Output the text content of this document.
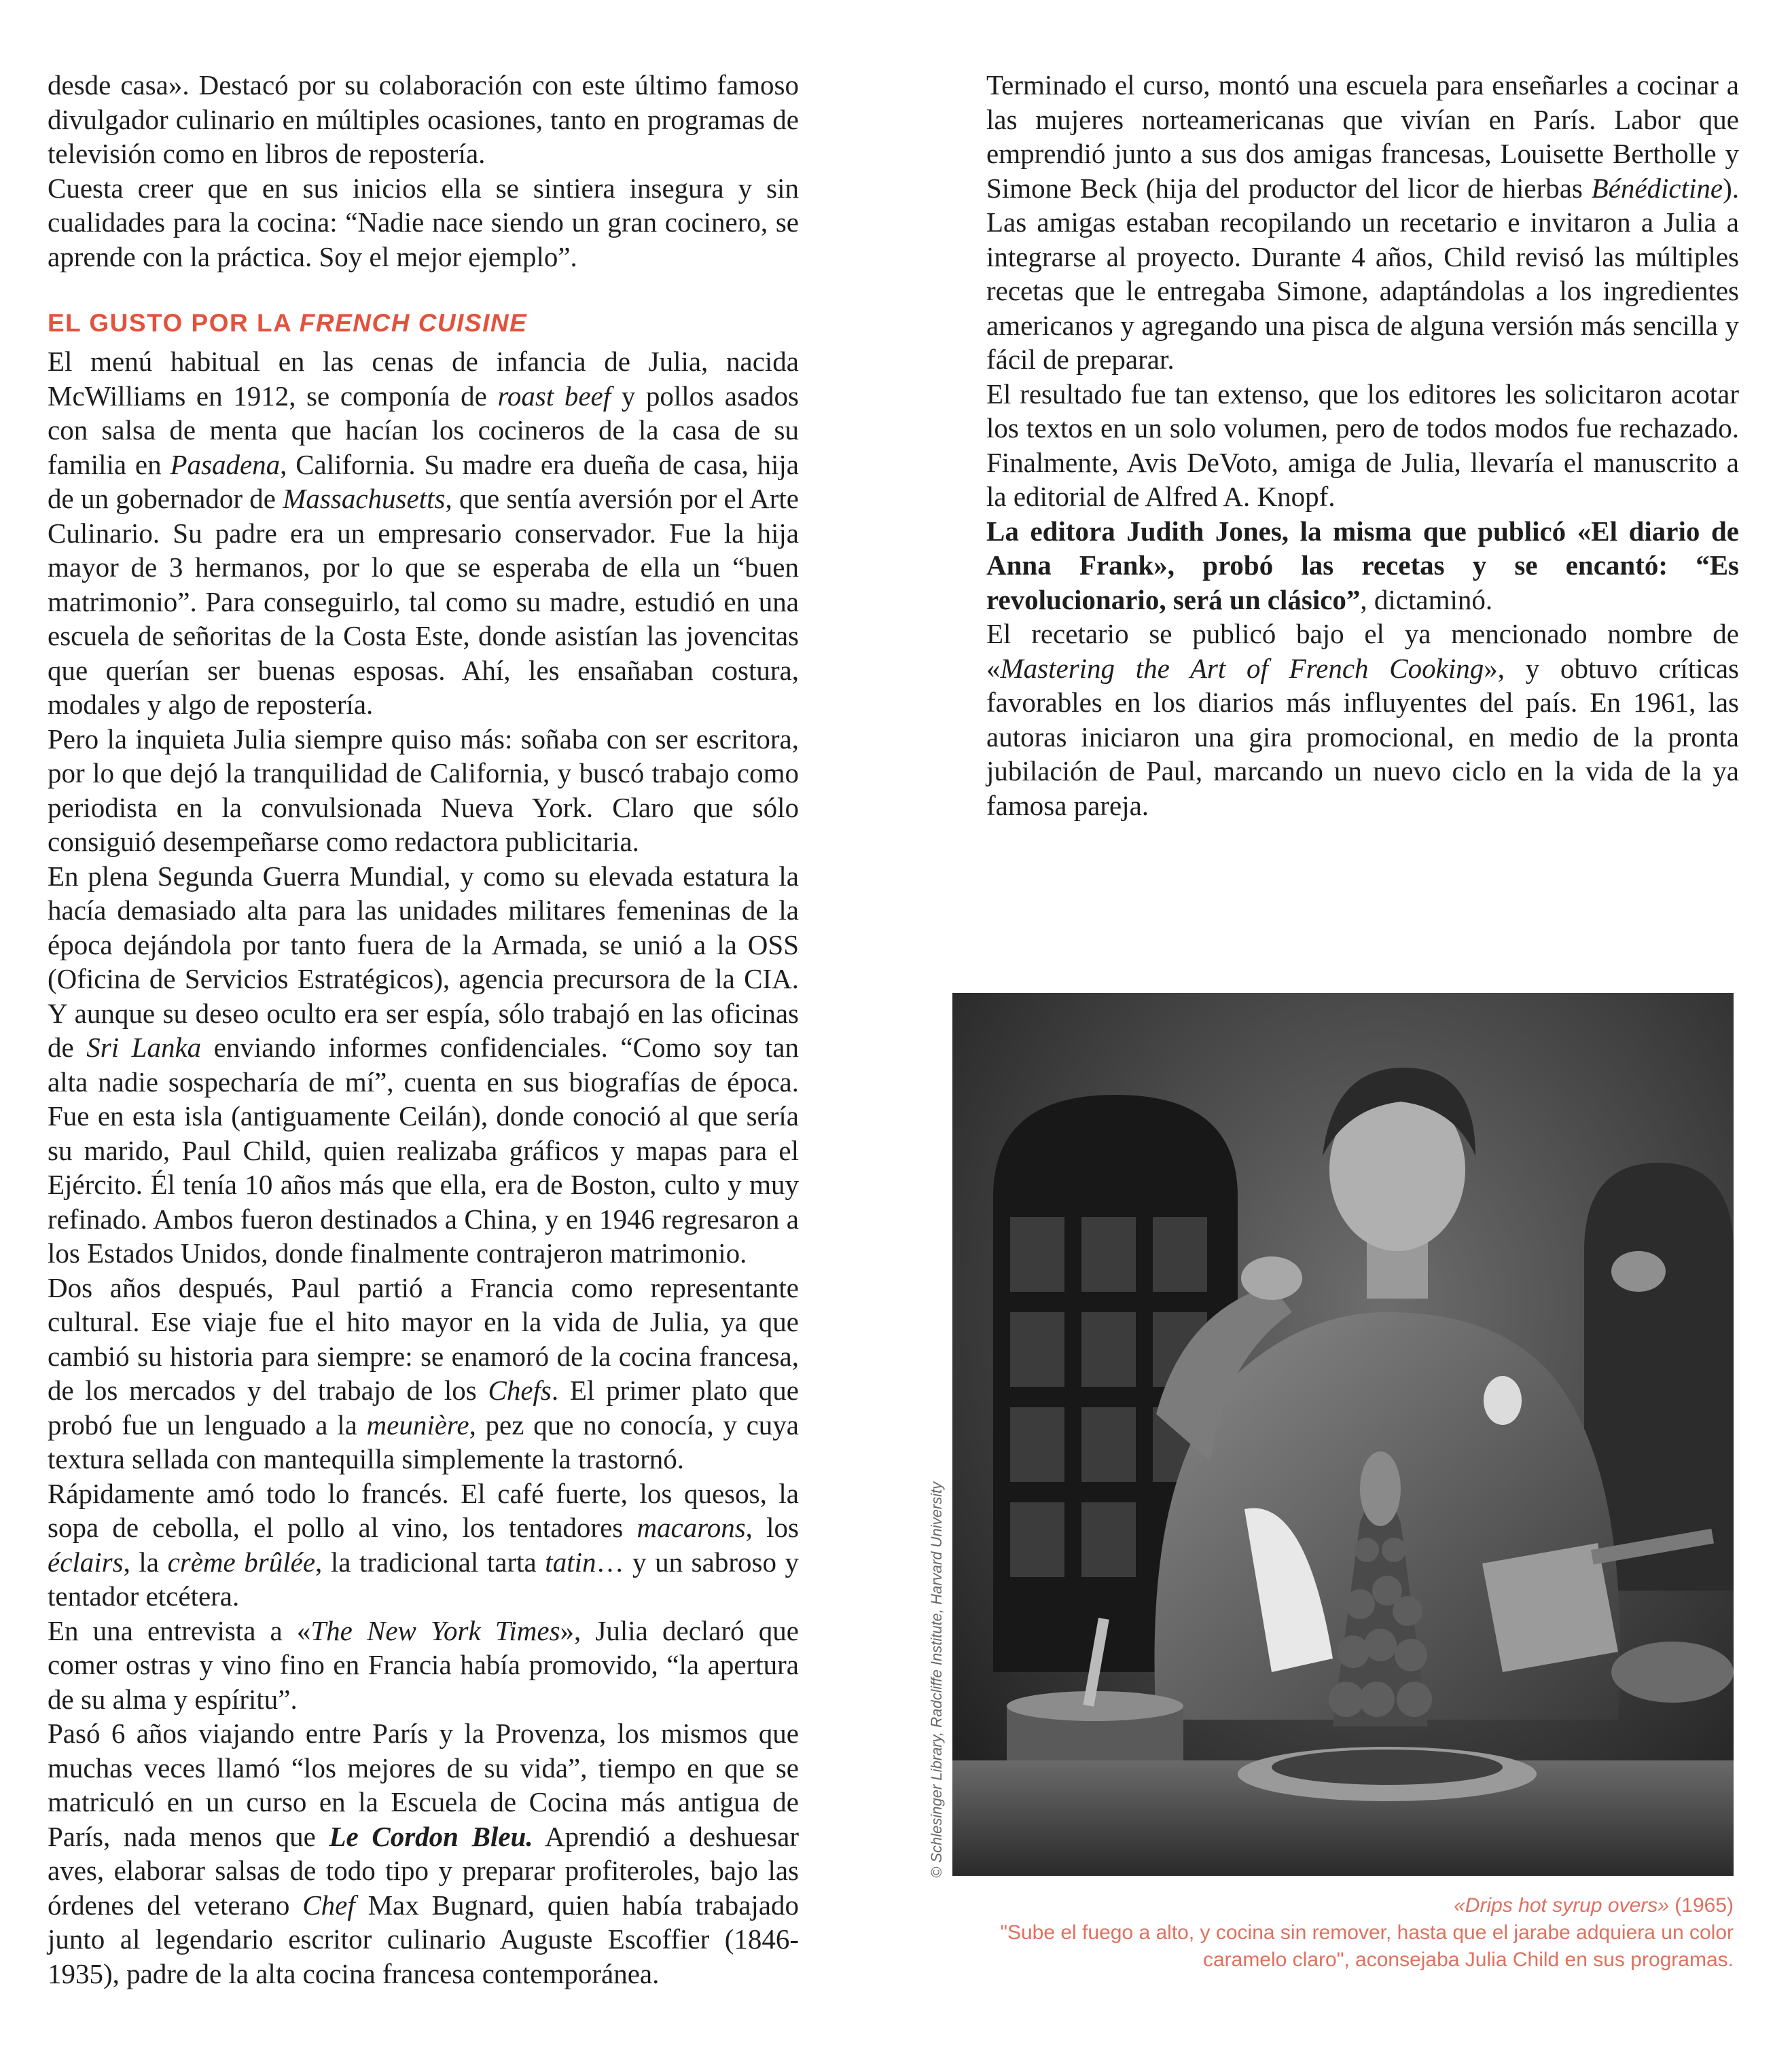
desde casa». Destacó por su colaboración con este último famoso divulgador culinario en múltiples ocasiones, tanto en programas de televisión como en libros de repostería.

Cuesta creer que en sus inicios ella se sintiera insegura y sin cualidades para la cocina: “Nadie nace siendo un gran cocinero, se aprende con la práctica. Soy el mejor ejemplo”.

EL GUSTO POR LA FRENCH CUISINE

El menú habitual en las cenas de infancia de Julia, nacida McWilliams en 1912, se componía de roast beef y pollos asados con salsa de menta que hacían los cocineros de la casa de su familia en Pasadena, California. Su madre era dueña de casa, hija de un gobernador de Massachusetts, que sentía aversión por el Arte Culinario. Su padre era un empresario conservador. Fue la hija mayor de 3 hermanos, por lo que se esperaba de ella un “buen matrimonio”. Para conseguirlo, tal como su madre, estudió en una escuela de señoritas de la Costa Este, donde asistían las jovencitas que querían ser buenas esposas. Ahí, les ensañaban costura, modales y algo de repostería.

Pero la inquieta Julia siempre quiso más: soñaba con ser escritora, por lo que dejó la tranquilidad de California, y buscó trabajo como periodista en la convulsionada Nueva York. Claro que sólo consiguió desempeñarse como redactora publicitaria.

En plena Segunda Guerra Mundial, y como su elevada estatura la hacía demasiado alta para las unidades militares femeninas de la época dejándola por tanto fuera de la Armada, se unió a la OSS (Oficina de Servicios Estratégicos), agencia precursora de la CIA. Y aunque su deseo oculto era ser espía, sólo trabajó en las oficinas de Sri Lanka enviando informes confidenciales. “Como soy tan alta nadie sospecharía de mí”, cuenta en sus biografías de época. Fue en esta isla (antiguamente Ceilán), donde conoció al que sería su marido, Paul Child, quien realizaba gráficos y mapas para el Ejército. Él tenía 10 años más que ella, era de Boston, culto y muy refinado. Ambos fueron destinados a China, y en 1946 regresaron a los Estados Unidos, donde finalmente contrajeron matrimonio.

Dos años después, Paul partió a Francia como representante cultural. Ese viaje fue el hito mayor en la vida de Julia, ya que cambió su historia para siempre: se enamoró de la cocina francesa, de los mercados y del trabajo de los Chefs. El primer plato que probó fue un lenguado a la meunière, pez que no conocía, y cuya textura sellada con mantequilla simplemente la trastornó.

Rápidamente amó todo lo francés. El café fuerte, los quesos, la sopa de cebolla, el pollo al vino, los tentadores macarons, los éclairs, la crème brûlée, la tradicional tarta tatin… y un sabroso y tentador etcétera.

En una entrevista a «The New York Times», Julia declaró que comer ostras y vino fino en Francia había promovido, “la apertura de su alma y espíritu”.

Pasó 6 años viajando entre París y la Provenza, los mismos que muchas veces llamó “los mejores de su vida”, tiempo en que se matriculó en un curso en la Escuela de Cocina más antigua de París, nada menos que Le Cordon Bleu. Aprendió a deshuesar aves, elaborar salsas de todo tipo y preparar profiteroles, bajo las órdenes del veterano Chef Max Bugnard, quien había trabajado junto al legendario escritor culinario Auguste Escoffier (1846-1935), padre de la alta cocina francesa contemporánea.

Terminado el curso, montó una escuela para enseñarles a cocinar a las mujeres norteamericanas que vivían en París. Labor que emprendió junto a sus dos amigas francesas, Louisette Bertholle y Simone Beck (hija del productor del licor de hierbas Bénédictine). Las amigas estaban recopilando un recetario e invitaron a Julia a integrarse al proyecto. Durante 4 años, Child revisó las múltiples recetas que le entregaba Simone, adaptándolas a los ingredientes americanos y agregando una pisca de alguna versión más sencilla y fácil de preparar.

El resultado fue tan extenso, que los editores les solicitaron acotar los textos en un solo volumen, pero de todos modos fue rechazado. Finalmente, Avis DeVoto, amiga de Julia, llevaría el manuscrito a la editorial de Alfred A. Knopf.

La editora Judith Jones, la misma que publicó «El diario de Anna Frank», probó las recetas y se encantó: “Es revolucionario, será un clásico”, dictaminó.

El recetario se publicó bajo el ya mencionado nombre de «Mastering the Art of French Cooking», y obtuvo críticas favorables en los diarios más influyentes del país. En 1961, las autoras iniciaron una gira promocional, en medio de la pronta jubilación de Paul, marcando un nuevo ciclo en la vida de la ya famosa pareja.

© Schlesinger Library, Radcliffe Institute, Harvard University
«Drips hot syrup overs» (1965)
"Sube el fuego a alto, y cocina sin remover, hasta que el jarabe adquiera un color caramelo claro", aconsejaba Julia Child en sus programas.
